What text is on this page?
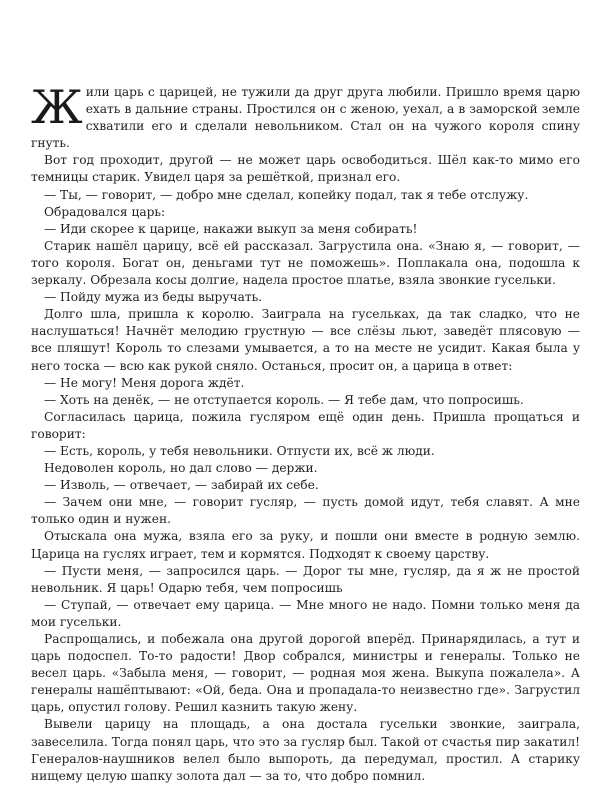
Жили царь с царицей, не тужили да друг друга любили. Пришло время царю ехать в дальние страны. Простился он с женою, уехал, а в заморской земле схватили его и сделали невольником. Стал он на чужого короля спину гнуть.

Вот год проходит, другой — не может царь освободиться. Шёл как-то мимо его темницы старик. Увидел царя за решёткой, признал его.

— Ты, — говорит, — добро мне сделал, копейку подал, так я тебе отслужу.

Обрадовался царь:

— Иди скорее к царице, накажи выкуп за меня собирать!

Старик нашёл царицу, всё ей рассказал. Загрустила она. «Знаю я, — говорит, — того короля. Богат он, деньгами тут не поможешь». Поплакала она, подошла к зеркалу. Обрезала косы долгие, надела простое платье, взяла звонкие гусельки.

— Пойду мужа из беды выручать.

Долго шла, пришла к королю. Заиграла на гусельках, да так сладко, что не наслушаться! Начнёт мелодию грустную — все слёзы льют, заведёт плясовую — все пляшут! Король то слезами умывается, а то на месте не усидит. Какая была у него тоска — всю как рукой сняло. Останься, просит он, а царица в ответ:

— Не могу! Меня дорога ждёт.

— Хоть на денёк, — не отступается король. — Я тебе дам, что попросишь.

Согласилась царица, пожила гусляром ещё один день. Пришла прощаться и говорит:

— Есть, король, у тебя невольники. Отпусти их, всё ж люди.

Недоволен король, но дал слово — держи.

— Изволь, — отвечает, — забирай их себе.

— Зачем они мне, — говорит гусляр, — пусть домой идут, тебя славят. А мне только один и нужен.

Отыскала она мужа, взяла его за руку, и пошли они вместе в родную землю. Царица на гуслях играет, тем и кормятся. Подходят к своему царству.

— Пусти меня, — запросился царь. — Дорог ты мне, гусляр, да я ж не простой невольник. Я царь! Одарю тебя, чем попросишь

— Ступай, — отвечает ему царица. — Мне много не надо. Помни только меня да мои гусельки.

Распрощались, и побежала она другой дорогой вперёд. Принарядилась, а тут и царь подоспел. То-то радости! Двор собрался, министры и генералы. Только не весел царь. «Забыла меня, — говорит, — родная моя жена. Выкупа пожалела». А генералы нашёптывают: «Ой, беда. Она и пропадала-то неизвестно где». Загрустил царь, опустил голову. Решил казнить такую жену.

Вывели царицу на площадь, а она достала гусельки звонкие, заиграла, завеселила. Тогда понял царь, что это за гусляр был. Такой от счастья пир закатил! Генералов-наушников велел было выпороть, да передумал, простил. А старику нищему целую шапку золота дал — за то, что добро помнил.
